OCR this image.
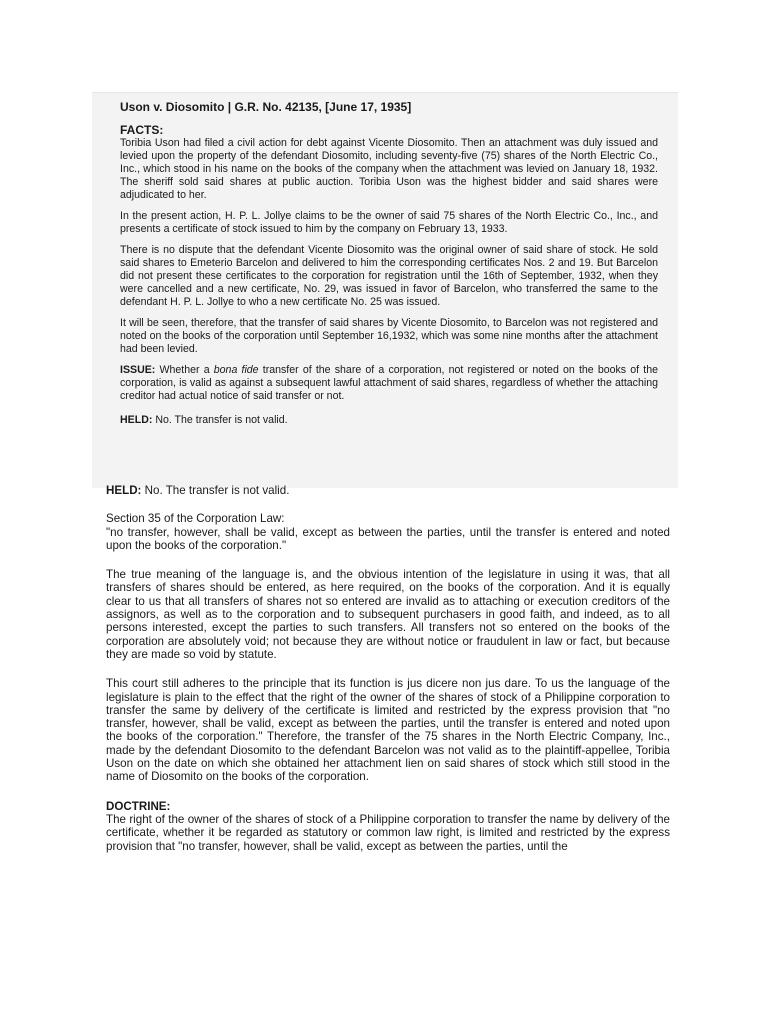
Uson v. Diosomito | G.R. No. 42135, [June 17, 1935]
FACTS:

Toribia Uson had filed a civil action for debt against Vicente Diosomito. Then an attachment was duly issued and levied upon the property of the defendant Diosomito, including seventy-five (75) shares of the North Electric Co., Inc., which stood in his name on the books of the company when the attachment was levied on January 18, 1932. The sheriff sold said shares at public auction. Toribia Uson was the highest bidder and said shares were adjudicated to her.

In the present action, H. P. L. Jollye claims to be the owner of said 75 shares of the North Electric Co., Inc., and presents a certificate of stock issued to him by the company on February 13, 1933.

There is no dispute that the defendant Vicente Diosomito was the original owner of said share of stock. He sold said shares to Emeterio Barcelon and delivered to him the corresponding certificates Nos. 2 and 19. But Barcelon did not present these certificates to the corporation for registration until the 16th of September, 1932, when they were cancelled and a new certificate, No. 29, was issued in favor of Barcelon, who transferred the same to the defendant H. P. L. Jollye to who a new certificate No. 25 was issued.

It will be seen, therefore, that the transfer of said shares by Vicente Diosomito, to Barcelon was not registered and noted on the books of the corporation until September 16,1932, which was some nine months after the attachment had been levied.

ISSUE: Whether a bona fide transfer of the share of a corporation, not registered or noted on the books of the corporation, is valid as against a subsequent lawful attachment of said shares, regardless of whether the attaching creditor had actual notice of said transfer or not.

HELD: No. The transfer is not valid.

HELD: No. The transfer is not valid.

Section 35 of the Corporation Law:

"no transfer, however, shall be valid, except as between the parties, until the transfer is entered and noted upon the books of the corporation."

The true meaning of the language is, and the obvious intention of the legislature in using it was, that all transfers of shares should be entered, as here required, on the books of the corporation. And it is equally clear to us that all transfers of shares not so entered are invalid as to attaching or execution creditors of the assignors, as well as to the corporation and to subsequent purchasers in good faith, and indeed, as to all persons interested, except the parties to such transfers. All transfers not so entered on the books of the corporation are absolutely void; not because they are without notice or fraudulent in law or fact, but because they are made so void by statute.

This court still adheres to the principle that its function is jus dicere non jus dare. To us the language of the legislature is plain to the effect that the right of the owner of the shares of stock of a Philippine corporation to transfer the same by delivery of the certificate is limited and restricted by the express provision that "no transfer, however, shall be valid, except as between the parties, until the transfer is entered and noted upon the books of the corporation." Therefore, the transfer of the 75 shares in the North Electric Company, Inc., made by the defendant Diosomito to the defendant Barcelon was not valid as to the plaintiff-appellee, Toribia Uson on the date on which she obtained her attachment lien on said shares of stock which still stood in the name of Diosomito on the books of the corporation.

DOCTRINE:

The right of the owner of the shares of stock of a Philippine corporation to transfer the name by delivery of the certificate, whether it be regarded as statutory or common law right, is limited and restricted by the express provision that "no transfer, however, shall be valid, except as between the parties, until the
